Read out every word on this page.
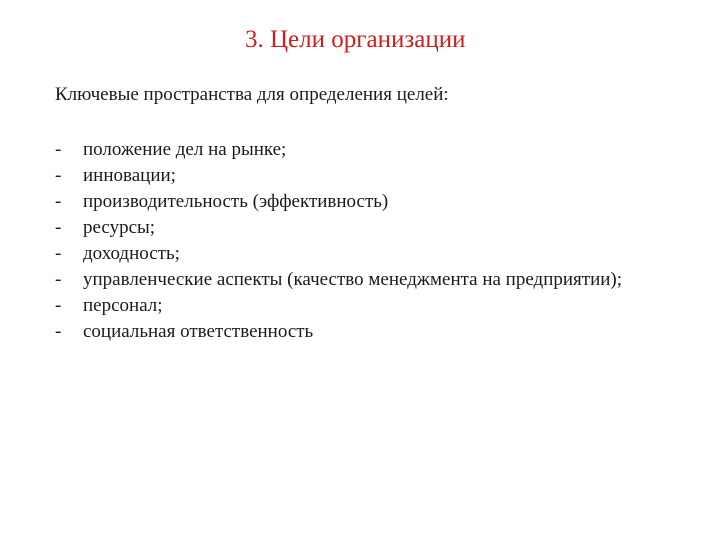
3. Цели организации
Ключевые пространства для определения целей:
-	положение дел на рынке;
-	инновации;
-	производительность (эффективность)
-	ресурсы;
-	доходность;
-	управленческие аспекты (качество менеджмента на предприятии);
-	персонал;
-	социальная ответственность
